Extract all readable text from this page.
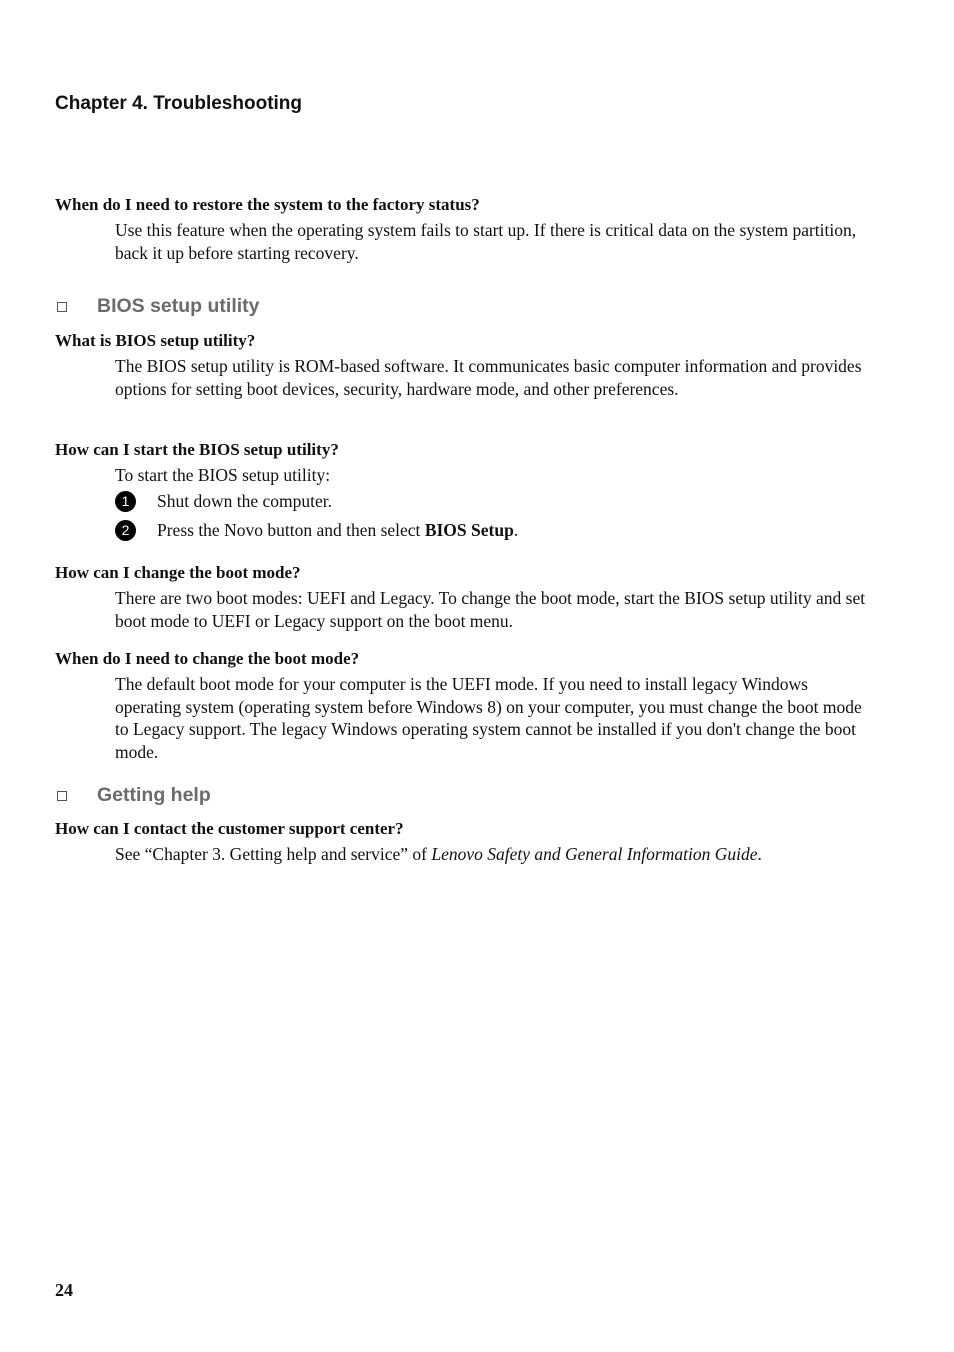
Chapter 4. Troubleshooting

When do I need to restore the system to the factory status?

Use this feature when the operating system fails to start up. If there is critical data on the system partition, back it up before starting recovery.

BIOS setup utility

What is BIOS setup utility?

The BIOS setup utility is ROM-based software. It communicates basic computer information and provides options for setting boot devices, security, hardware mode, and other preferences.

How can I start the BIOS setup utility?

To start the BIOS setup utility:

1	Shut down the computer.
2	Press the Novo button and then select BIOS Setup.

How can I change the boot mode?

There are two boot modes: UEFI and Legacy. To change the boot mode, start the BIOS setup utility and set boot mode to UEFI or Legacy support on the boot menu.

When do I need to change the boot mode?

The default boot mode for your computer is the UEFI mode. If you need to install legacy Windows operating system (operating system before Windows 8) on your computer, you must change the boot mode to Legacy support. The legacy Windows operating system cannot be installed if you don't change the boot mode.

Getting help

How can I contact the customer support center?

See “Chapter 3. Getting help and service” of Lenovo Safety and General Information Guide.

24
